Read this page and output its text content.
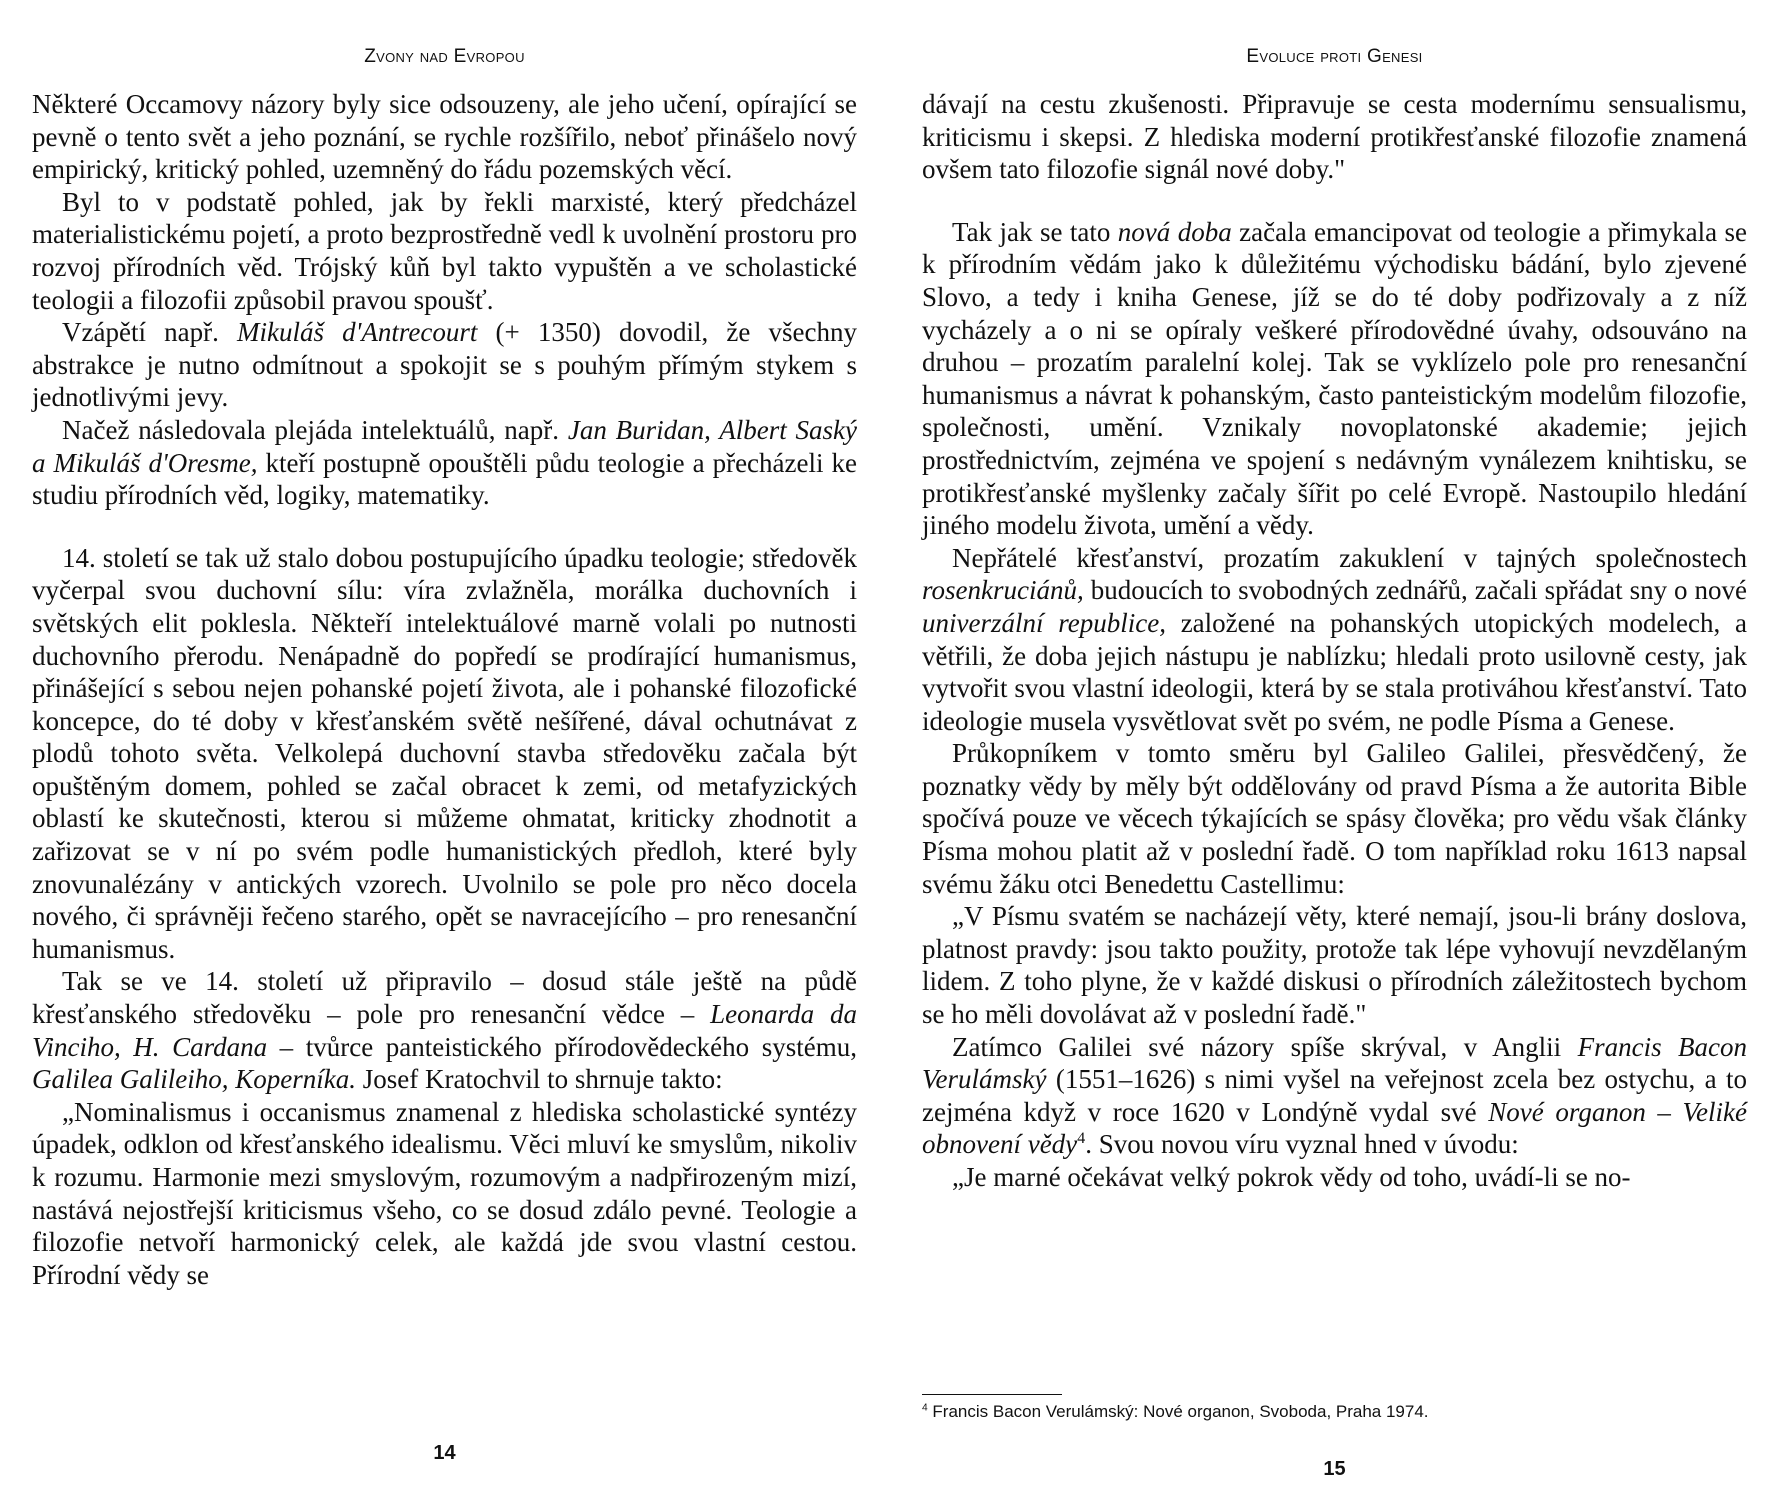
Zvony nad Evropou

Některé Occamovy názory byly sice odsouzeny, ale jeho učení, opírající se pevně o tento svět a jeho poznání, se rychle rozšířilo, neboť přinášelo nový empirický, kritický pohled, uzemněný do řádu pozemských věcí.

Byl to v podstatě pohled, jak by řekli marxisté, který předcházel materialistickému pojetí, a proto bezprostředně vedl k uvolnění prostoru pro rozvoj přírodních věd. Trójský kůň byl takto vypuštěn a ve scholastické teologii a filozofii způsobil pravou spoušť.

Vzápětí např. Mikuláš d'Antrecourt (+ 1350) dovodil, že všechny abstrakce je nutno odmítnout a spokojit se s pouhým přímým stykem s jednotlivými jevy.

Načež následovala plejáda intelektuálů, např. Jan Buridan, Albert Saský a Mikuláš d'Oresme, kteří postupně opouštěli půdu teologie a přecházeli ke studiu přírodních věd, logiky, matematiky.

14. století se tak už stalo dobou postupujícího úpadku teologie; středověk vyčerpal svou duchovní sílu: víra zvlažněla, morálka duchovních i světských elit poklesla. Někteří intelektuálové marně volali po nutnosti duchovního přerodu. Nenápadně do popředí se prodírající humanismus, přinášející s sebou nejen pohanské pojetí života, ale i pohanské filozofické koncepce, do té doby v křesťanském světě nešířené, dával ochutnávat z plodů tohoto světa. Velkolepá duchovní stavba středověku začala být opuštěným domem, pohled se začal obracet k zemi, od metafyzických oblastí ke skutečnosti, kterou si můžeme ohmatat, kriticky zhodnotit a zařizovat se v ní po svém podle humanistických předloh, které byly znovunalézány v antických vzorech. Uvolnilo se pole pro něco docela nového, či správněji řečeno starého, opět se navracejícího – pro renesanční humanismus.

Tak se ve 14. století už připravilo – dosud stále ještě na půdě křesťanského středověku – pole pro renesanční vědce – Leonarda da Vinciho, H. Cardana – tvůrce panteistického přírodovědeckého systému, Galilea Galileiho, Koperníka. Josef Kratochvil to shrnuje takto:

„Nominalismus i occanismus znamenal z hlediska scholastické syntézy úpadek, odklon od křesťanského idealismu. Věci mluví ke smyslům, nikoliv k rozumu. Harmonie mezi smyslovým, rozumovým a nadpřirozeným mizí, nastává nejostřejší kriticismus všeho, co se dosud zdálo pevné. Teologie a filozofie netvoří harmonický celek, ale každá jde svou vlastní cestou. Přírodní vědy se

14
Evoluce proti Genesi

dávají na cestu zkušenosti. Připravuje se cesta modernímu sensualismu, kriticismu i skepsi. Z hlediska moderní protikřesťanské filozofie znamená ovšem tato filozofie signál nové doby."

Tak jak se tato nová doba začala emancipovat od teologie a přimykala se k přírodním vědám jako k důležitému východisku bádání, bylo zjevené Slovo, a tedy i kniha Genese, jíž se do té doby podřizovaly a z níž vycházely a o ni se opíraly veškeré přírodovědné úvahy, odsouváno na druhou – prozatím paralelní kolej. Tak se vyklízelo pole pro renesanční humanismus a návrat k pohanským, často panteistickým modelům filozofie, společnosti, umění. Vznikaly novoplatonské akademie; jejich prostřednictvím, zejména ve spojení s nedávným vynálezem knihtisku, se protikřesťanské myšlenky začaly šířit po celé Evropě. Nastoupilo hledání jiného modelu života, umění a vědy.

Nepřátelé křesťanství, prozatím zakuklení v tajných společnostech rosenkruciánů, budoucích to svobodných zednářů, začali spřádat sny o nové univerzální republice, založené na pohanských utopických modelech, a větřili, že doba jejich nástupu je nablízku; hledali proto usilovně cesty, jak vytvořit svou vlastní ideologii, která by se stala protiváhou křesťanství. Tato ideologie musela vysvětlovat svět po svém, ne podle Písma a Genese.

Průkopníkem v tomto směru byl Galileo Galilei, přesvědčený, že poznatky vědy by měly být oddělovány od pravd Písma a že autorita Bible spočívá pouze ve věcech týkajících se spásy člověka; pro vědu však články Písma mohou platit až v poslední řadě. O tom například roku 1613 napsal svému žáku otci Benedettu Castellimu:

„V Písmu svatém se nacházejí věty, které nemají, jsou-li brány doslova, platnost pravdy: jsou takto použity, protože tak lépe vyhovují nevzdělaným lidem. Z toho plyne, že v každé diskusi o přírodních záležitostech bychom se ho měli dovolávat až v poslední řadě."

Zatímco Galilei své názory spíše skrýval, v Anglii Francis Bacon Verulámský (1551–1626) s nimi vyšel na veřejnost zcela bez ostychu, a to zejména když v roce 1620 v Londýně vydal své Nové organon – Veliké obnovení vědy$^4$. Svou novou víru vyznal hned v úvodu:

„Je marné očekávat velký pokrok vědy od toho, uvádí-li se no-

$^4$ Francis Bacon Verulámský: Nové organon, Svoboda, Praha 1974.
15
